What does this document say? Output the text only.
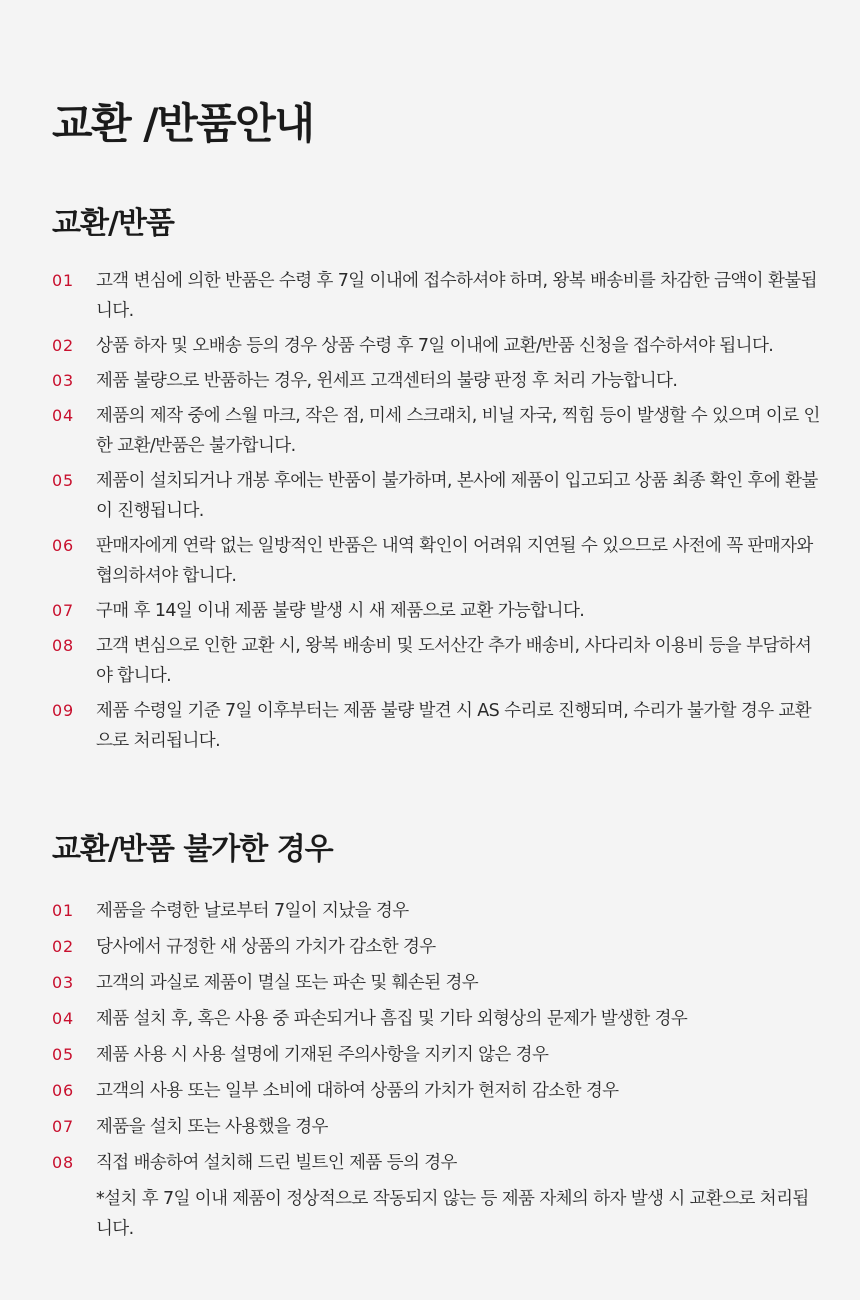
교환 /반품안내
교환/반품
01 고객 변심에 의한 반품은 수령 후 7일 이내에 접수하셔야 하며, 왕복 배송비를 차감한 금액이 환불됩니다.
02 상품 하자 및 오배송 등의 경우 상품 수령 후 7일 이내에 교환/반품 신청을 접수하셔야 됩니다.
03 제품 불량으로 반품하는 경우, 윈세프 고객센터의 불량 판정 후 처리 가능합니다.
04 제품의 제작 중에 스월 마크, 작은 점, 미세 스크래치, 비닐 자국, 찍힘 등이 발생할 수 있으며 이로 인한 교환/반품은 불가합니다.
05 제품이 설치되거나 개봉 후에는 반품이 불가하며, 본사에 제품이 입고되고 상품 최종 확인 후에 환불이 진행됩니다.
06 판매자에게 연락 없는 일방적인 반품은 내역 확인이 어려워 지연될 수 있으므로 사전에 꼭 판매자와 협의하셔야 합니다.
07 구매 후 14일 이내 제품 불량 발생 시 새 제품으로 교환 가능합니다.
08 고객 변심으로 인한 교환 시, 왕복 배송비 및 도서산간 추가 배송비, 사다리차 이용비 등을 부담하셔야 합니다.
09 제품 수령일 기준 7일 이후부터는 제품 불량 발견 시 AS 수리로 진행되며, 수리가 불가할 경우 교환으로 처리됩니다.
교환/반품 불가한 경우
01 제품을 수령한 날로부터 7일이 지났을 경우
02 당사에서 규정한 새 상품의 가치가 감소한 경우
03 고객의 과실로 제품이 멸실 또는 파손 및 훼손된 경우
04 제품 설치 후, 혹은 사용 중 파손되거나 흠집 및 기타 외형상의 문제가 발생한 경우
05 제품 사용 시 사용 설명에 기재된 주의사항을 지키지 않은 경우
06 고객의 사용 또는 일부 소비에 대하여 상품의 가치가 현저히 감소한 경우
07 제품을 설치 또는 사용했을 경우
08 직접 배송하여 설치해 드린 빌트인 제품 등의 경우
*설치 후 7일 이내 제품이 정상적으로 작동되지 않는 등 제품 자체의 하자 발생 시 교환으로 처리됩니다.
